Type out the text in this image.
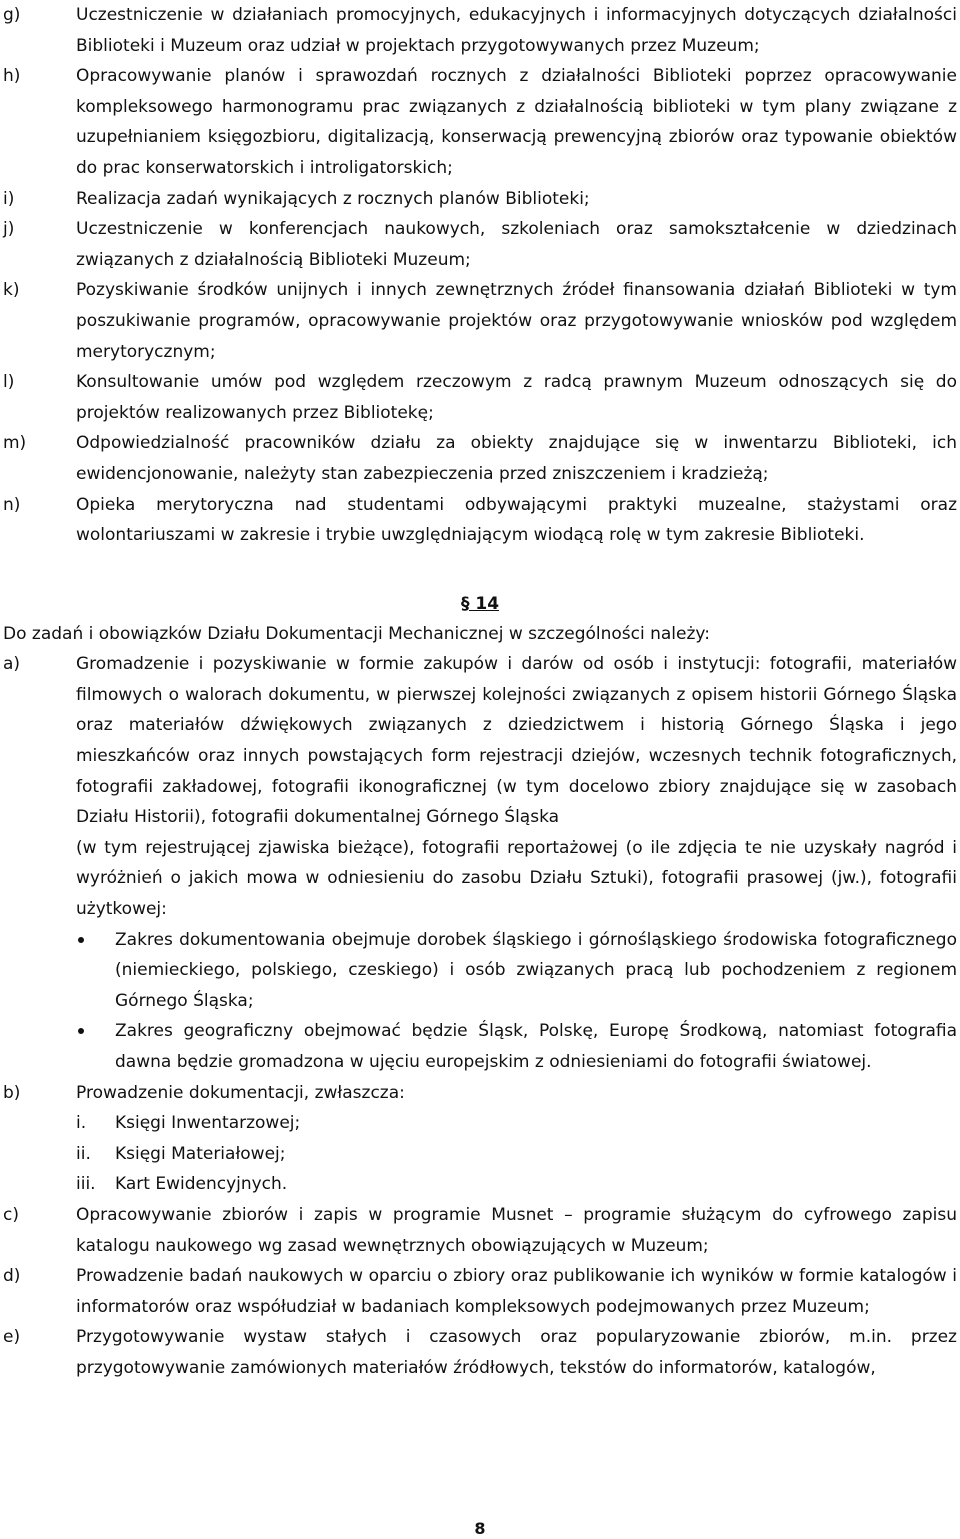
g)	Uczestniczenie w działaniach promocyjnych, edukacyjnych i informacyjnych dotyczących działalności Biblioteki i Muzeum oraz udział w projektach przygotowywanych przez Muzeum;
h)	Opracowywanie planów i sprawozdań rocznych z działalności Biblioteki poprzez opracowywanie kompleksowego harmonogramu prac związanych z działalnością biblioteki w tym plany związane z uzupełnianiem księgozbioru, digitalizacją, konserwacją prewencyjną zbiorów oraz typowanie obiektów do prac konserwatorskich i introligatorskich;
i)	Realizacja zadań wynikających z rocznych planów Biblioteki;
j)	Uczestniczenie w konferencjach naukowych, szkoleniach oraz samokształcenie w dziedzinach związanych z działalnością Biblioteki Muzeum;
k)	Pozyskiwanie środków unijnych i innych zewnętrznych źródeł finansowania działań Biblioteki w tym poszukiwanie programów, opracowywanie projektów oraz przygotowywanie wniosków pod względem merytorycznym;
l)	Konsultowanie umów pod względem rzeczowym z radcą prawnym Muzeum odnoszących się do projektów realizowanych przez Bibliotekę;
m)	Odpowiedzialność pracowników działu za obiekty znajdujące się w inwentarzu Biblioteki, ich ewidencjonowanie, należyty stan zabezpieczenia przed zniszczeniem i kradzieżą;
n)	Opieka merytoryczna nad studentami odbywającymi praktyki muzealne, stażystami oraz wolontariuszami w zakresie i trybie uwzględniającym wiodącą rolę w tym zakresie Biblioteki.
§ 14
Do zadań i obowiązków Działu Dokumentacji Mechanicznej w szczególności należy:
a)	Gromadzenie i pozyskiwanie w formie zakupów i darów od osób i instytucji: fotografii, materiałów filmowych o walorach dokumentu, w pierwszej kolejności związanych z opisem historii Górnego Śląska oraz materiałów dźwiękowych związanych z dziedzictwem i historią Górnego Śląska i jego mieszkańców oraz innych powstających form rejestracji dziejów, wczesnych technik fotograficznych, fotografii zakładowej, fotografii ikonograficznej (w tym docelowo zbiory znajdujące się w zasobach Działu Historii), fotografii dokumentalnej Górnego Śląska
(w tym rejestrującej zjawiska bieżące), fotografii reportażowej (o ile zdjęcia te nie uzyskały nagród i wyróżnień o jakich mowa w odniesieniu do zasobu Działu Sztuki), fotografii prasowej (jw.), fotografii użytkowej:
Zakres dokumentowania obejmuje dorobek śląskiego i górnośląskiego środowiska fotograficznego (niemieckiego, polskiego, czeskiego) i osób związanych pracą lub pochodzeniem z regionem Górnego Śląska;
Zakres geograficzny obejmować będzie Śląsk, Polskę, Europę Środkową, natomiast fotografia dawna będzie gromadzona w ujęciu europejskim z odniesieniami do fotografii światowej.
b)	Prowadzenie dokumentacji, zwłaszcza:
i. Księgi Inwentarzowej;
ii. Księgi Materiałowej;
iii. Kart Ewidencyjnych.
c)	Opracowywanie zbiorów i zapis w programie Musnet – programie służącym do cyfrowego zapisu katalogu naukowego wg zasad wewnętrznych obowiązujących w Muzeum;
d)	Prowadzenie badań naukowych w oparciu o zbiory oraz publikowanie ich wyników w formie katalogów i informatorów oraz współudział w badaniach kompleksowych podejmowanych przez Muzeum;
e)	Przygotowywanie wystaw stałych i czasowych oraz popularyzowanie zbiorów, m.in. przez przygotowywanie zamówionych materiałów źródłowych, tekstów do informatorów, katalogów,
8
